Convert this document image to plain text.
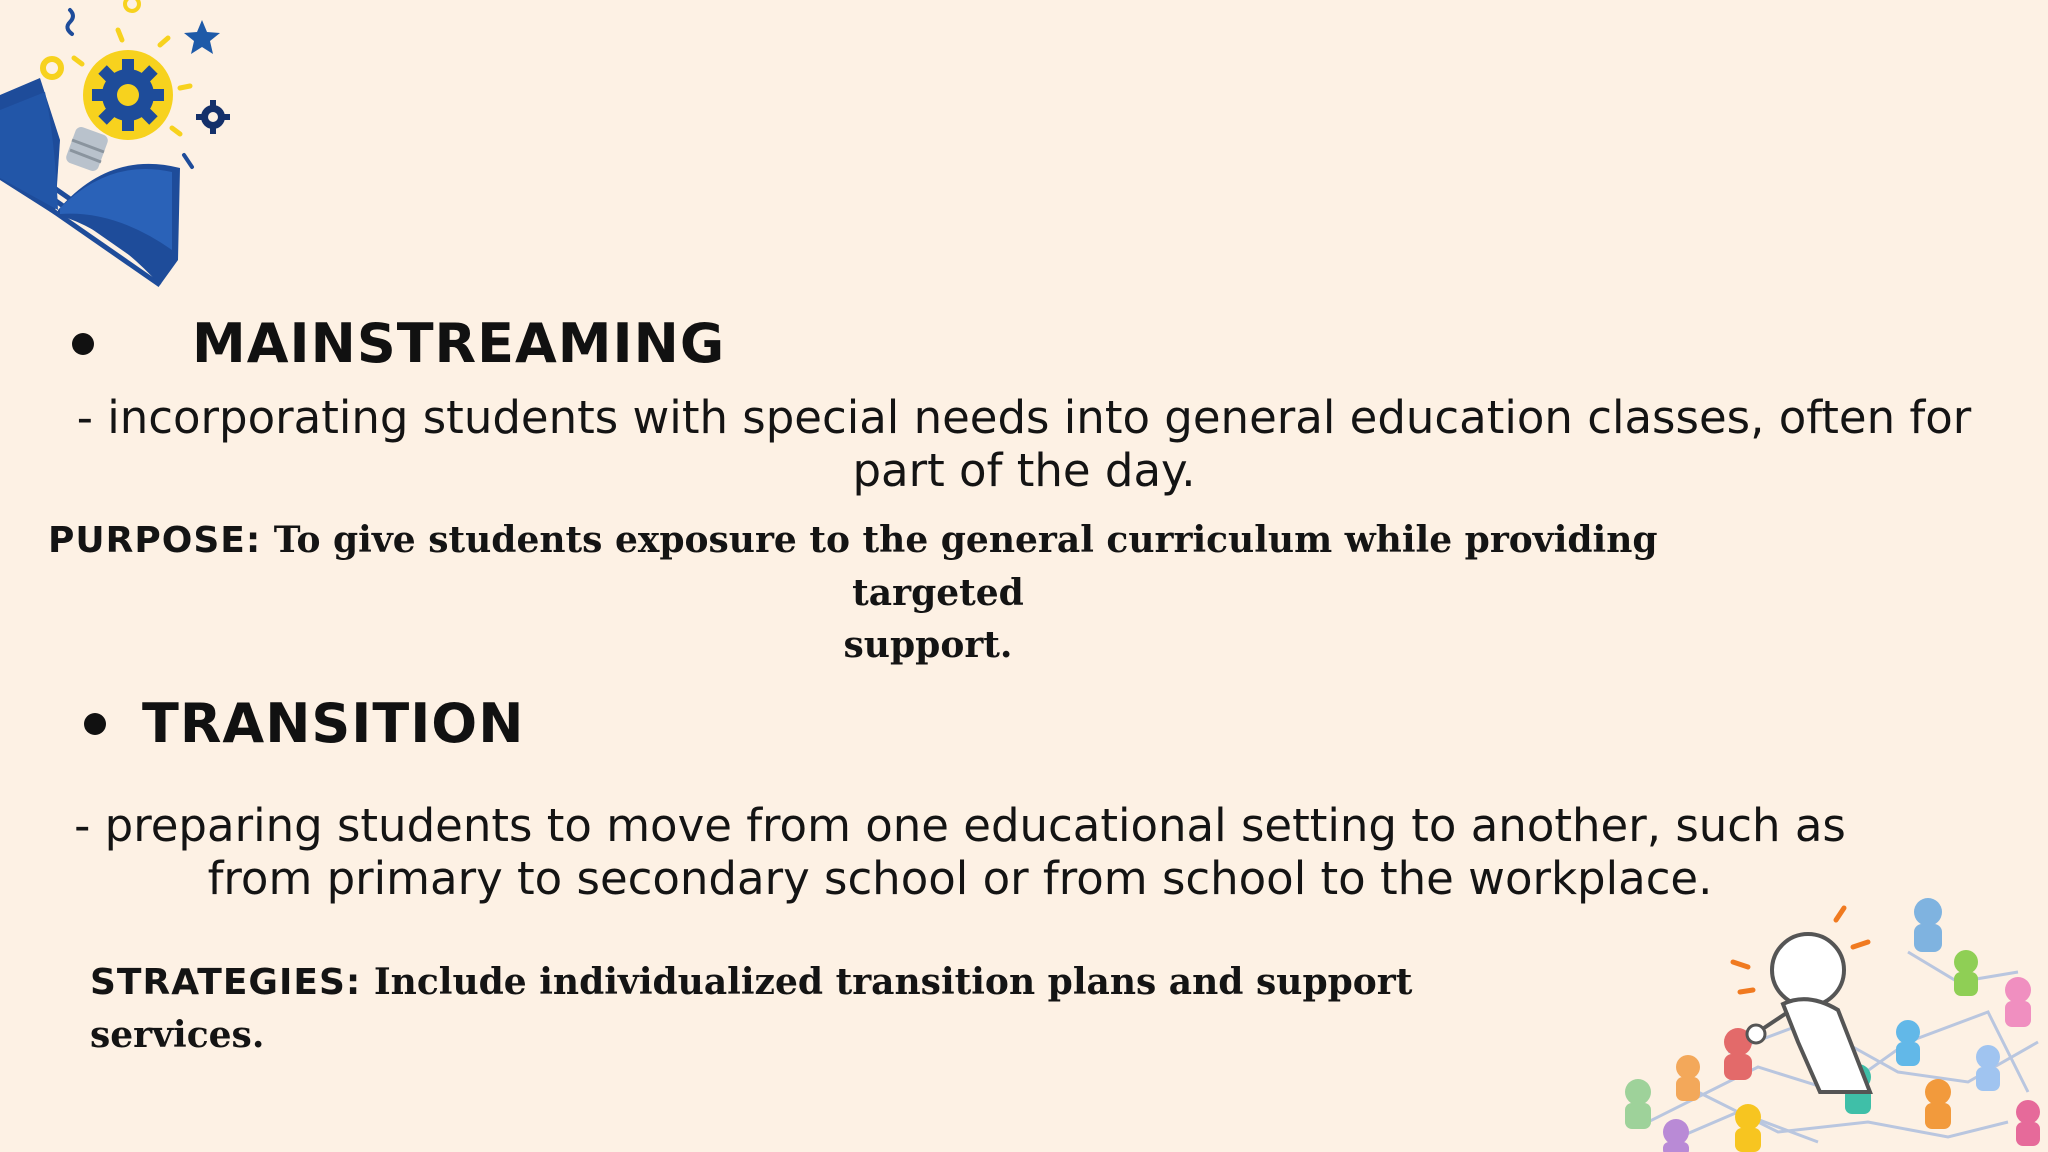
MAINSTREAMING
- incorporating students with special needs into general education classes, often for
part of the day.
PURPOSE: To give students exposure to the general curriculum while providing targeted
support.
TRANSITION
- preparing students to move from one educational setting to another, such as
from primary to secondary school or from school to the workplace.
STRATEGIES: Include individualized transition plans and support services.
